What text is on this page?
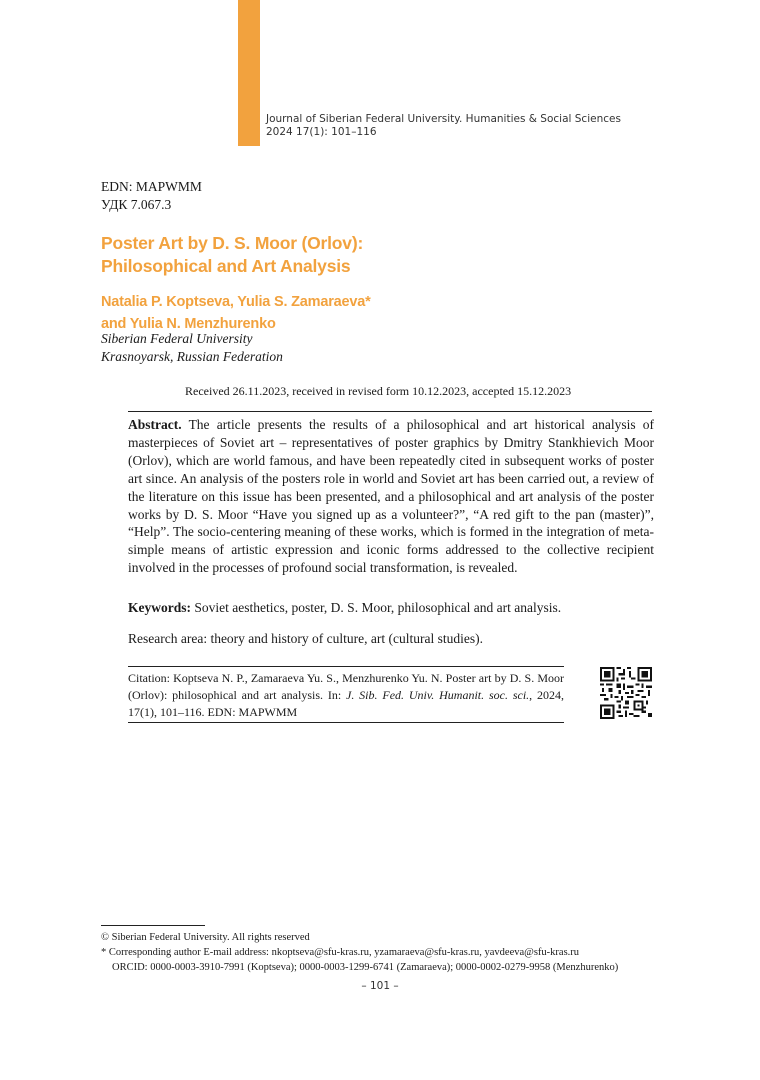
Journal of Siberian Federal University. Humanities & Social Sciences
2024 17(1): 101–116
EDN: MAPWMM
УДК 7.067.3
Poster Art by D. S. Moor (Orlov):
Philosophical and Art Analysis
Natalia P. Koptseva, Yulia S. Zamaraeva*
and Yulia N. Menzhurenko
Siberian Federal University
Krasnoyarsk, Russian Federation
Received 26.11.2023, received in revised form 10.12.2023, accepted 15.12.2023

Abstract. The article presents the results of a philosophical and art historical analysis of masterpieces of Soviet art – representatives of poster graphics by Dmitry Stankhievich Moor (Orlov), which are world famous, and have been repeatedly cited in subsequent works of poster art since. An analysis of the posters role in world and Soviet art has been carried out, a review of the literature on this issue has been presented, and a philosophical and art analysis of the poster works by D. S. Moor “Have you signed up as a volunteer?”, “A red gift to the pan (master)”, “Help”. The socio-centering meaning of these works, which is formed in the integration of meta-simple means of artistic expression and iconic forms addressed to the collective recipient involved in the processes of profound social transformation, is revealed.

Keywords: Soviet aesthetics, poster, D. S. Moor, philosophical and art analysis.

Research area: theory and history of culture, art (cultural studies).

Citation: Koptseva N. P., Zamaraeva Yu. S., Menzhurenko Yu. N. Poster art by D. S. Moor (Orlov): philosophical and art analysis. In: J. Sib. Fed. Univ. Humanit. soc. sci., 2024, 17(1), 101–116. EDN: MAPWMM

© Siberian Federal University. All rights reserved
* Corresponding author E-mail address: nkoptseva@sfu-kras.ru, yzamaraeva@sfu-kras.ru, yavdeeva@sfu-kras.ru
ORCID: 0000-0003-3910-7991 (Koptseva); 0000-0003-1299-6741 (Zamaraeva); 0000-0002-0279-9958 (Menzhurenko)
– 101 –
